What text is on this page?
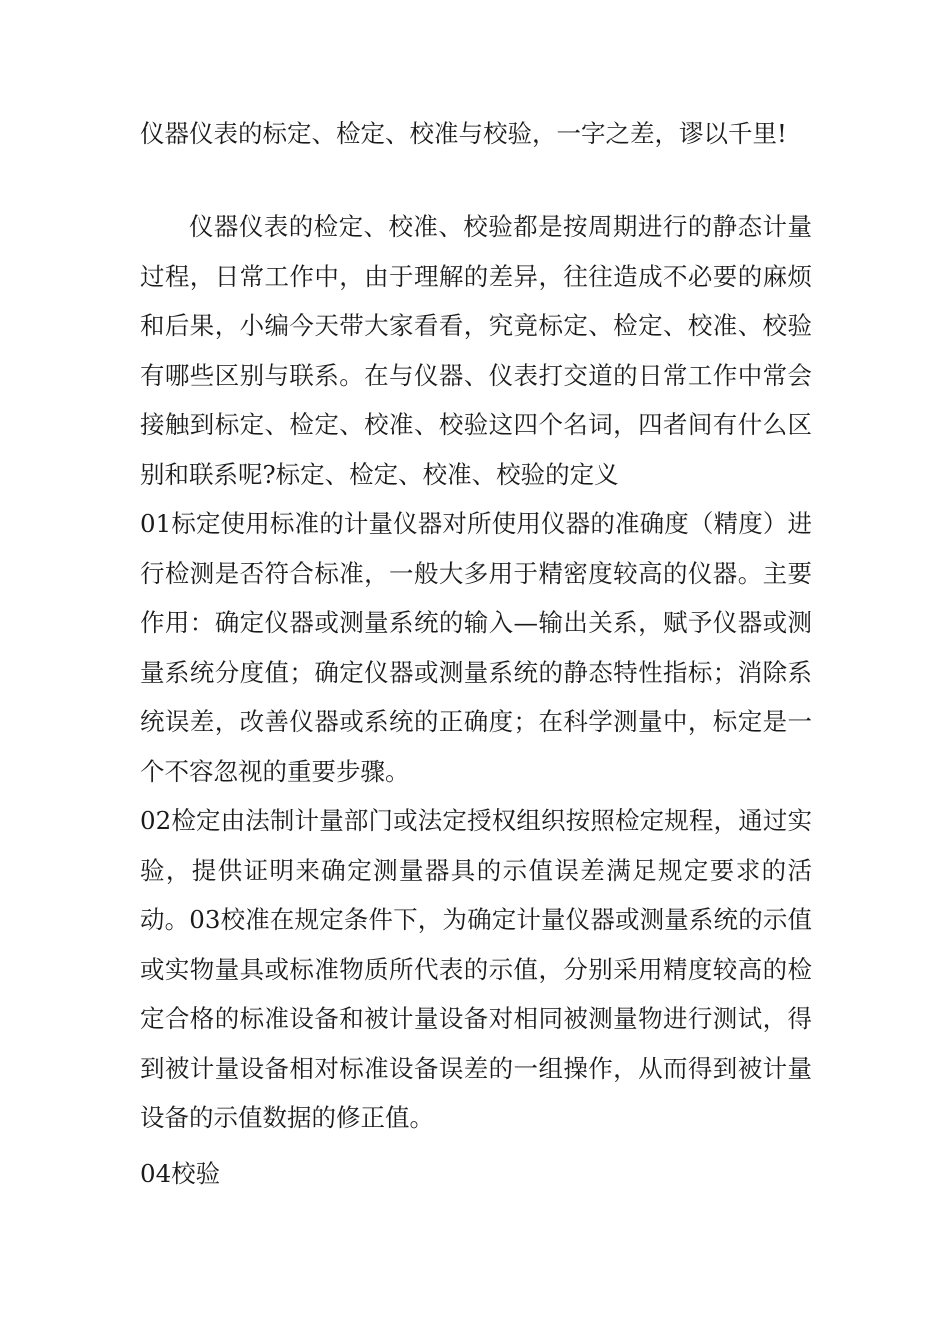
仪器仪表的标定、检定、校准与校验，一字之差，谬以千里!

仪器仪表的检定、校准、校验都是按周期进行的静态计量过程，日常工作中，由于理解的差异，往往造成不必要的麻烦和后果，小编今天带大家看看，究竟标定、检定、校准、校验有哪些区别与联系。在与仪器、仪表打交道的日常工作中常会接触到标定、检定、校准、校验这四个名词，四者间有什么区别和联系呢?标定、检定、校准、校验的定义

01标定使用标准的计量仪器对所使用仪器的准确度（精度）进行检测是否符合标准，一般大多用于精密度较高的仪器。主要作用：确定仪器或测量系统的输入—输出关系，赋予仪器或测量系统分度值；确定仪器或测量系统的静态特性指标；消除系统误差，改善仪器或系统的正确度；在科学测量中，标定是一个不容忽视的重要步骤。

02检定由法制计量部门或法定授权组织按照检定规程，通过实验，提供证明来确定测量器具的示值误差满足规定要求的活动。03校准在规定条件下，为确定计量仪器或测量系统的示值或实物量具或标准物质所代表的示值，分别采用精度较高的检定合格的标准设备和被计量设备对相同被测量物进行测试，得到被计量设备相对标准设备误差的一组操作，从而得到被计量设备的示值数据的修正值。

04校验
